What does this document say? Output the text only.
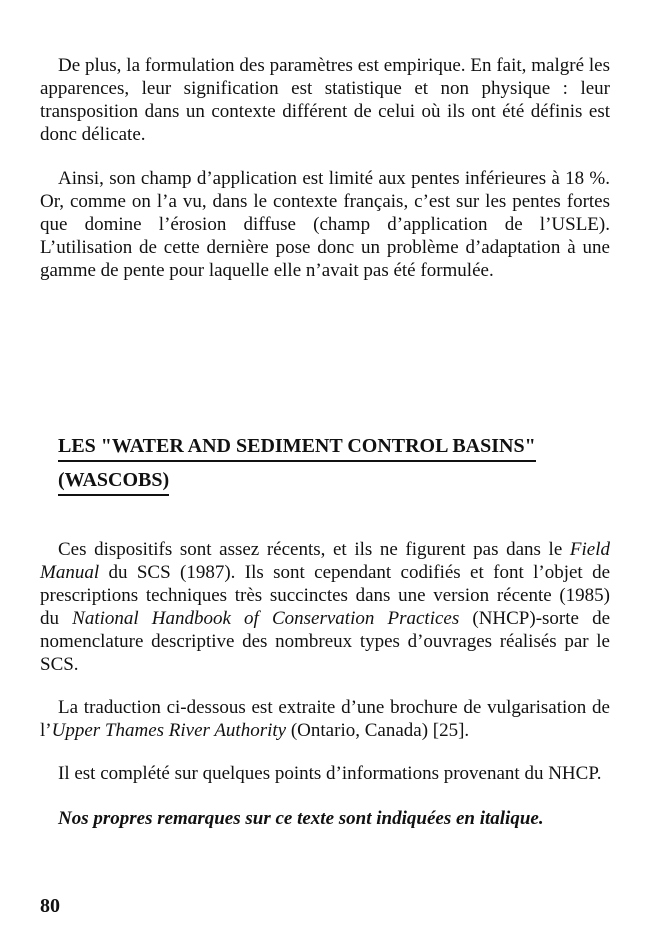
De plus, la formulation des paramètres est empirique. En fait, malgré les apparences, leur signification est statistique et non physique : leur transposition dans un contexte différent de celui où ils ont été définis est donc délicate.

Ainsi, son champ d’application est limité aux pentes inférieures à 18 %. Or, comme on l’a vu, dans le contexte français, c’est sur les pentes fortes que domine l’érosion diffuse (champ d’application de l’USLE). L’utilisation de cette dernière pose donc un problème d’adaptation à une gamme de pente pour laquelle elle n’avait pas été formulée.

LES "WATER AND SEDIMENT CONTROL BASINS"
(WASCOBS)

Ces dispositifs sont assez récents, et ils ne figurent pas dans le Field Manual du SCS (1987). Ils sont cependant codifiés et font l’objet de prescriptions techniques très succinctes dans une version récente (1985) du National Handbook of Conservation Practices (NHCP)-sorte de nomenclature descriptive des nombreux types d’ouvrages réalisés par le SCS.

La traduction ci-dessous est extraite d’une brochure de vulgarisation de l’Upper Thames River Authority (Ontario, Canada) [25].

Il est complété sur quelques points d’informations provenant du NHCP.

Nos propres remarques sur ce texte sont indiquées en italique.

80
